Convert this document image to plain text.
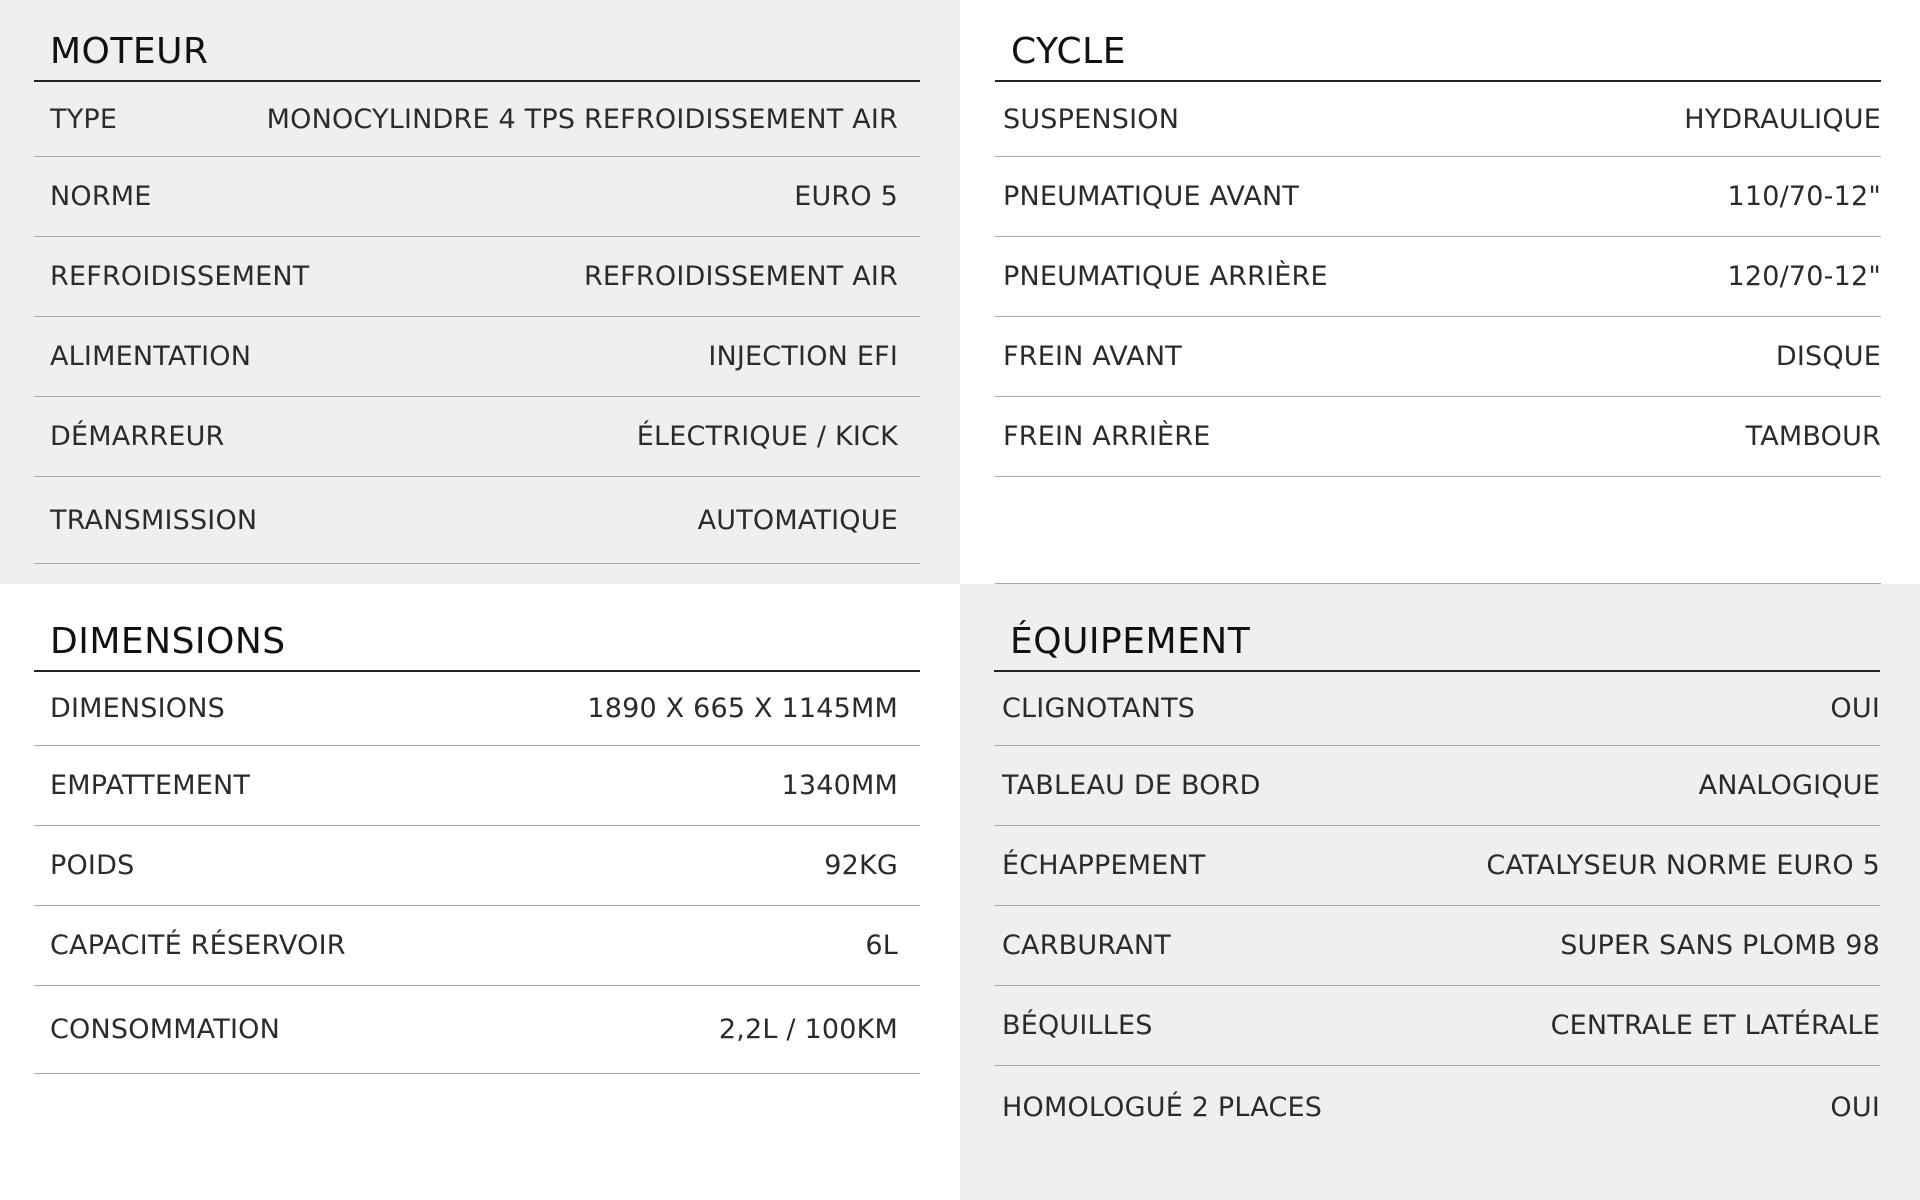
MOTEUR
TYPE	MONOCYLINDRE 4 TPS REFROIDISSEMENT AIR
NORME	EURO 5
REFROIDISSEMENT	REFROIDISSEMENT AIR
ALIMENTATION	INJECTION EFI
DÉMARREUR	ÉLECTRIQUE / KICK
TRANSMISSION	AUTOMATIQUE
CYCLE
SUSPENSION	HYDRAULIQUE
PNEUMATIQUE AVANT	110/70-12"
PNEUMATIQUE ARRIÈRE	120/70-12"
FREIN AVANT	DISQUE
FREIN ARRIÈRE	TAMBOUR
DIMENSIONS
DIMENSIONS	1890 X 665 X 1145MM
EMPATTEMENT	1340MM
POIDS	92KG
CAPACITÉ RÉSERVOIR	6L
CONSOMMATION	2,2L / 100KM
ÉQUIPEMENT
CLIGNOTANTS	OUI
TABLEAU DE BORD	ANALOGIQUE
ÉCHAPPEMENT	CATALYSEUR NORME EURO 5
CARBURANT	SUPER SANS PLOMB 98
BÉQUILLES	CENTRALE ET LATÉRALE
HOMOLOGUÉ 2 PLACES	OUI
